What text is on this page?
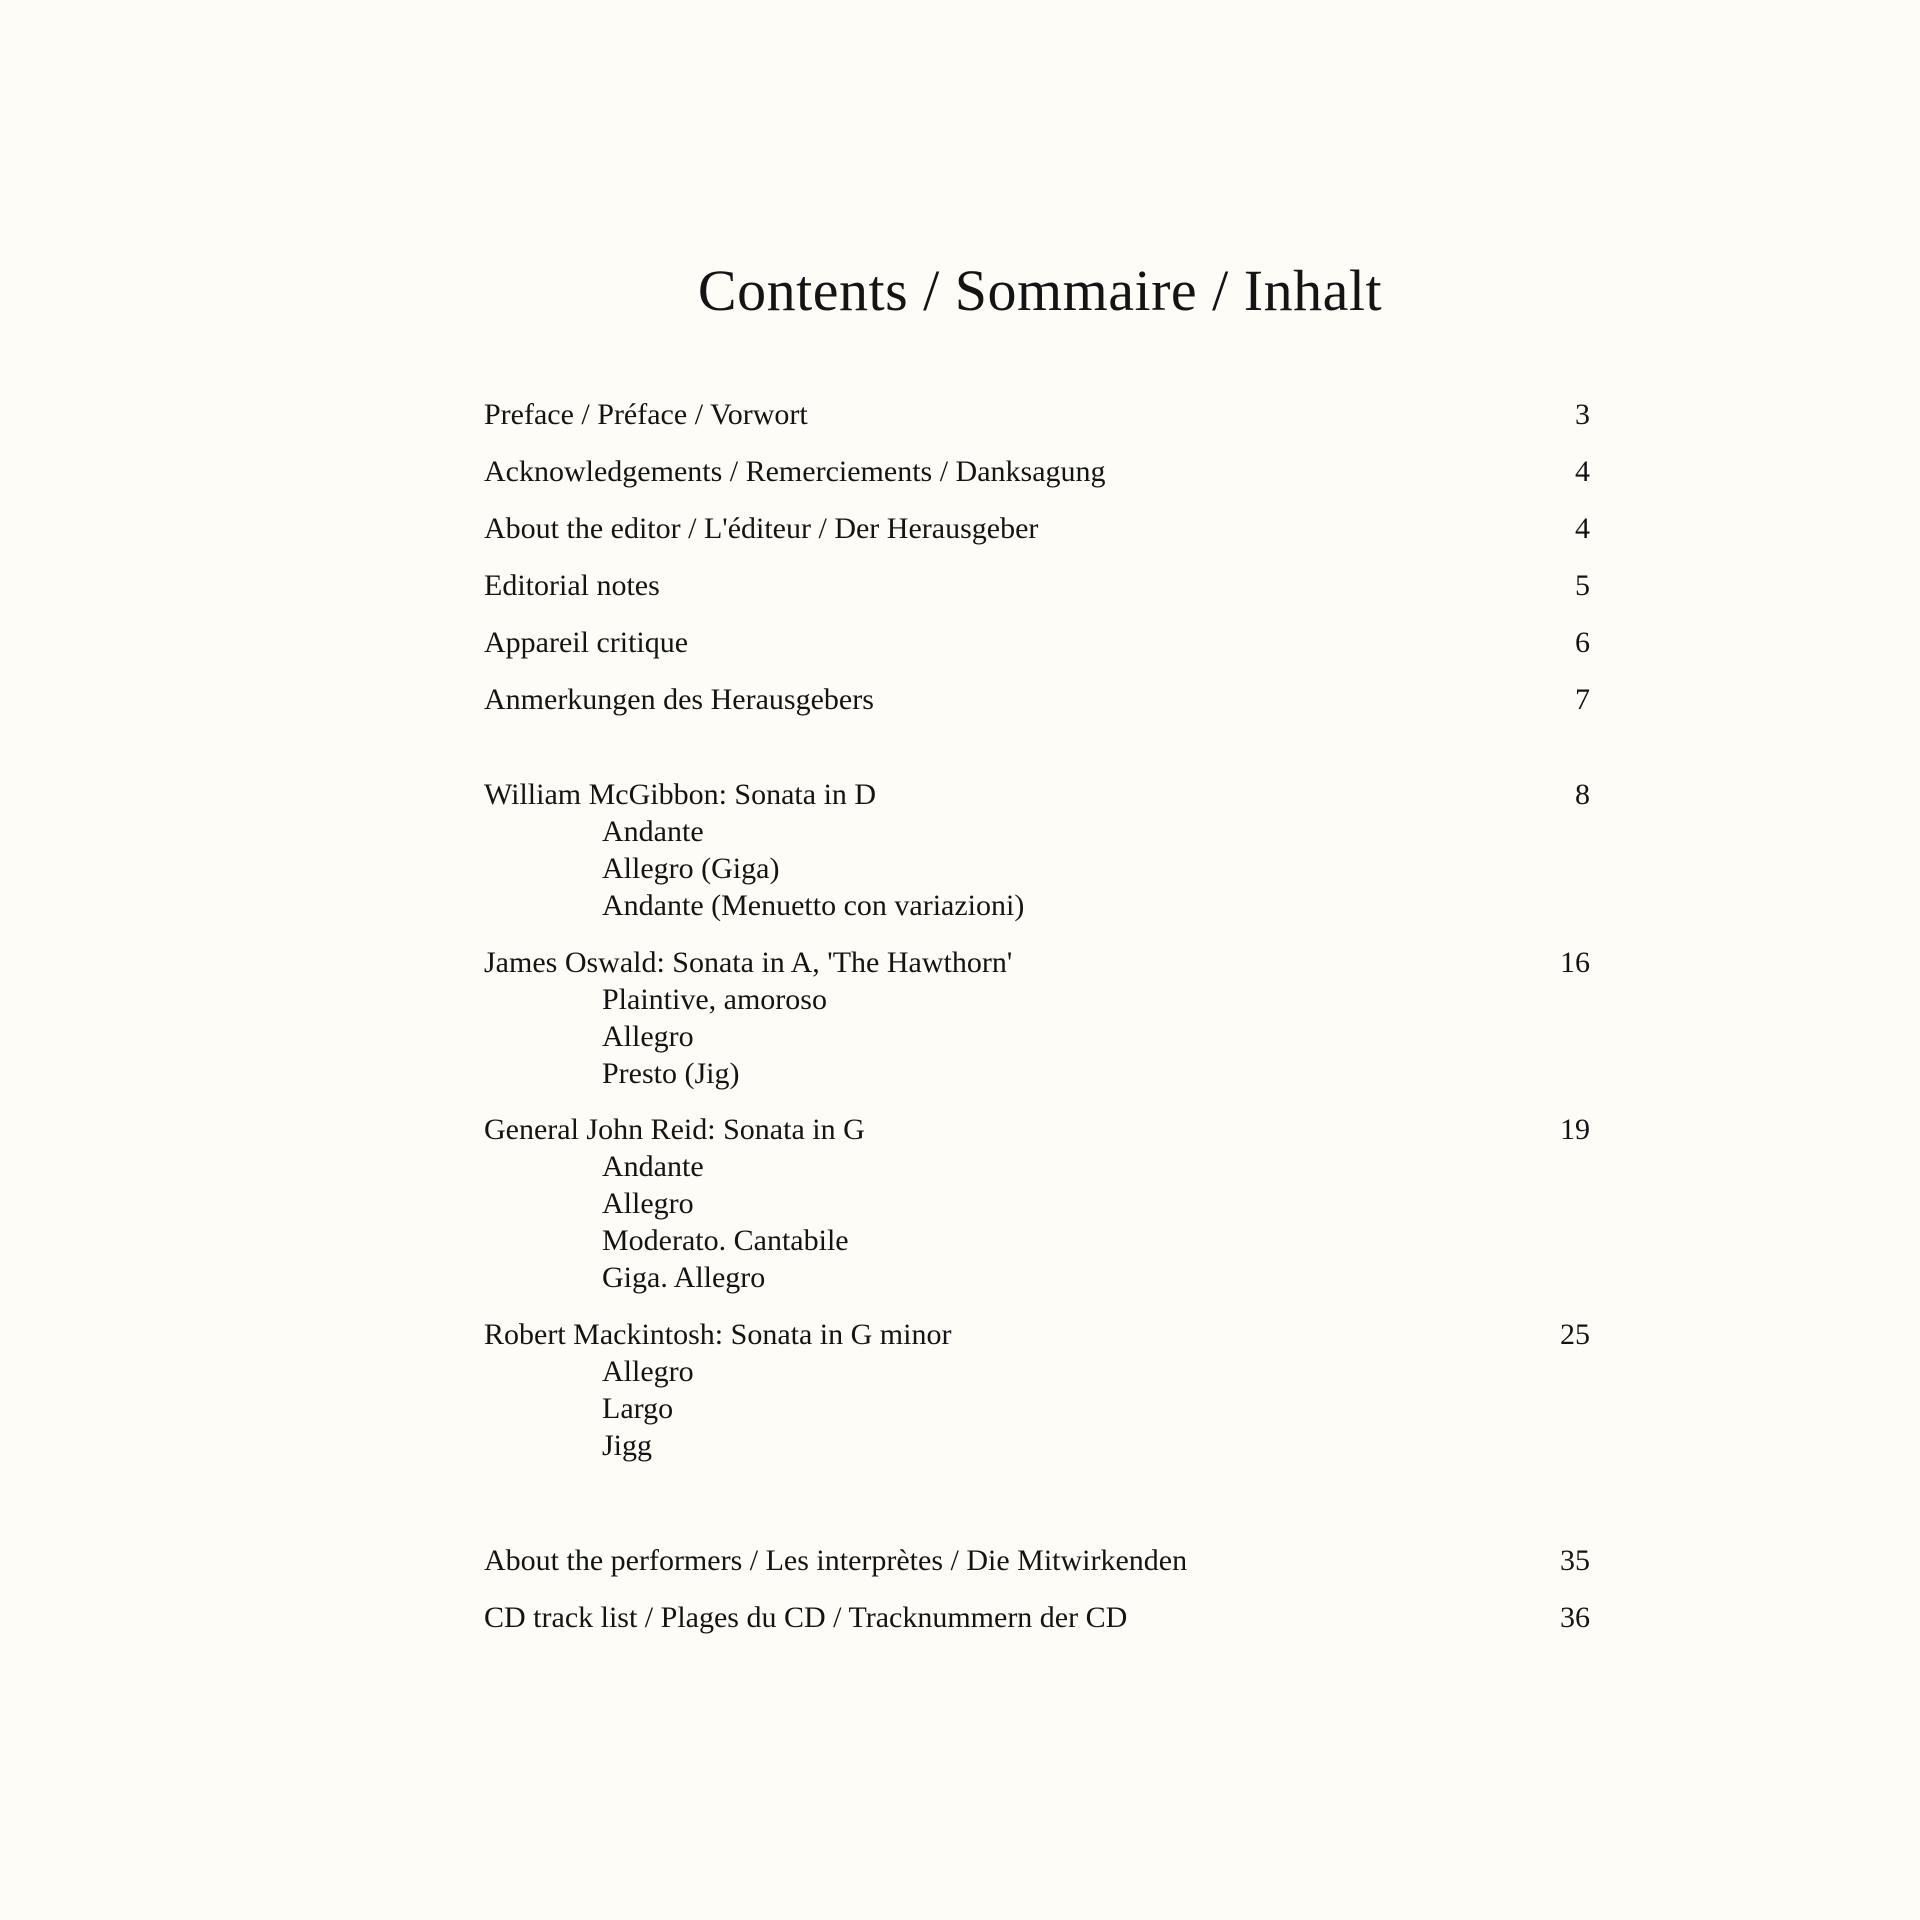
Contents / Sommaire / Inhalt
Preface / Préface / Vorwort	3
Acknowledgements / Remerciements / Danksagung	4
About the editor / L'éditeur / Der Herausgeber	4
Editorial notes	5
Appareil critique	6
Anmerkungen des Herausgebers	7
William McGibbon: Sonata in D	8
Andante
Allegro (Giga)
Andante (Menuetto con variazioni)
James Oswald: Sonata in A, 'The Hawthorn'	16
Plaintive, amoroso
Allegro
Presto (Jig)
General John Reid: Sonata in G	19
Andante
Allegro
Moderato. Cantabile
Giga. Allegro
Robert Mackintosh: Sonata in G minor	25
Allegro
Largo
Jigg
About the performers / Les interprètes / Die Mitwirkenden	35
CD track list / Plages du CD / Tracknummern der CD	36
